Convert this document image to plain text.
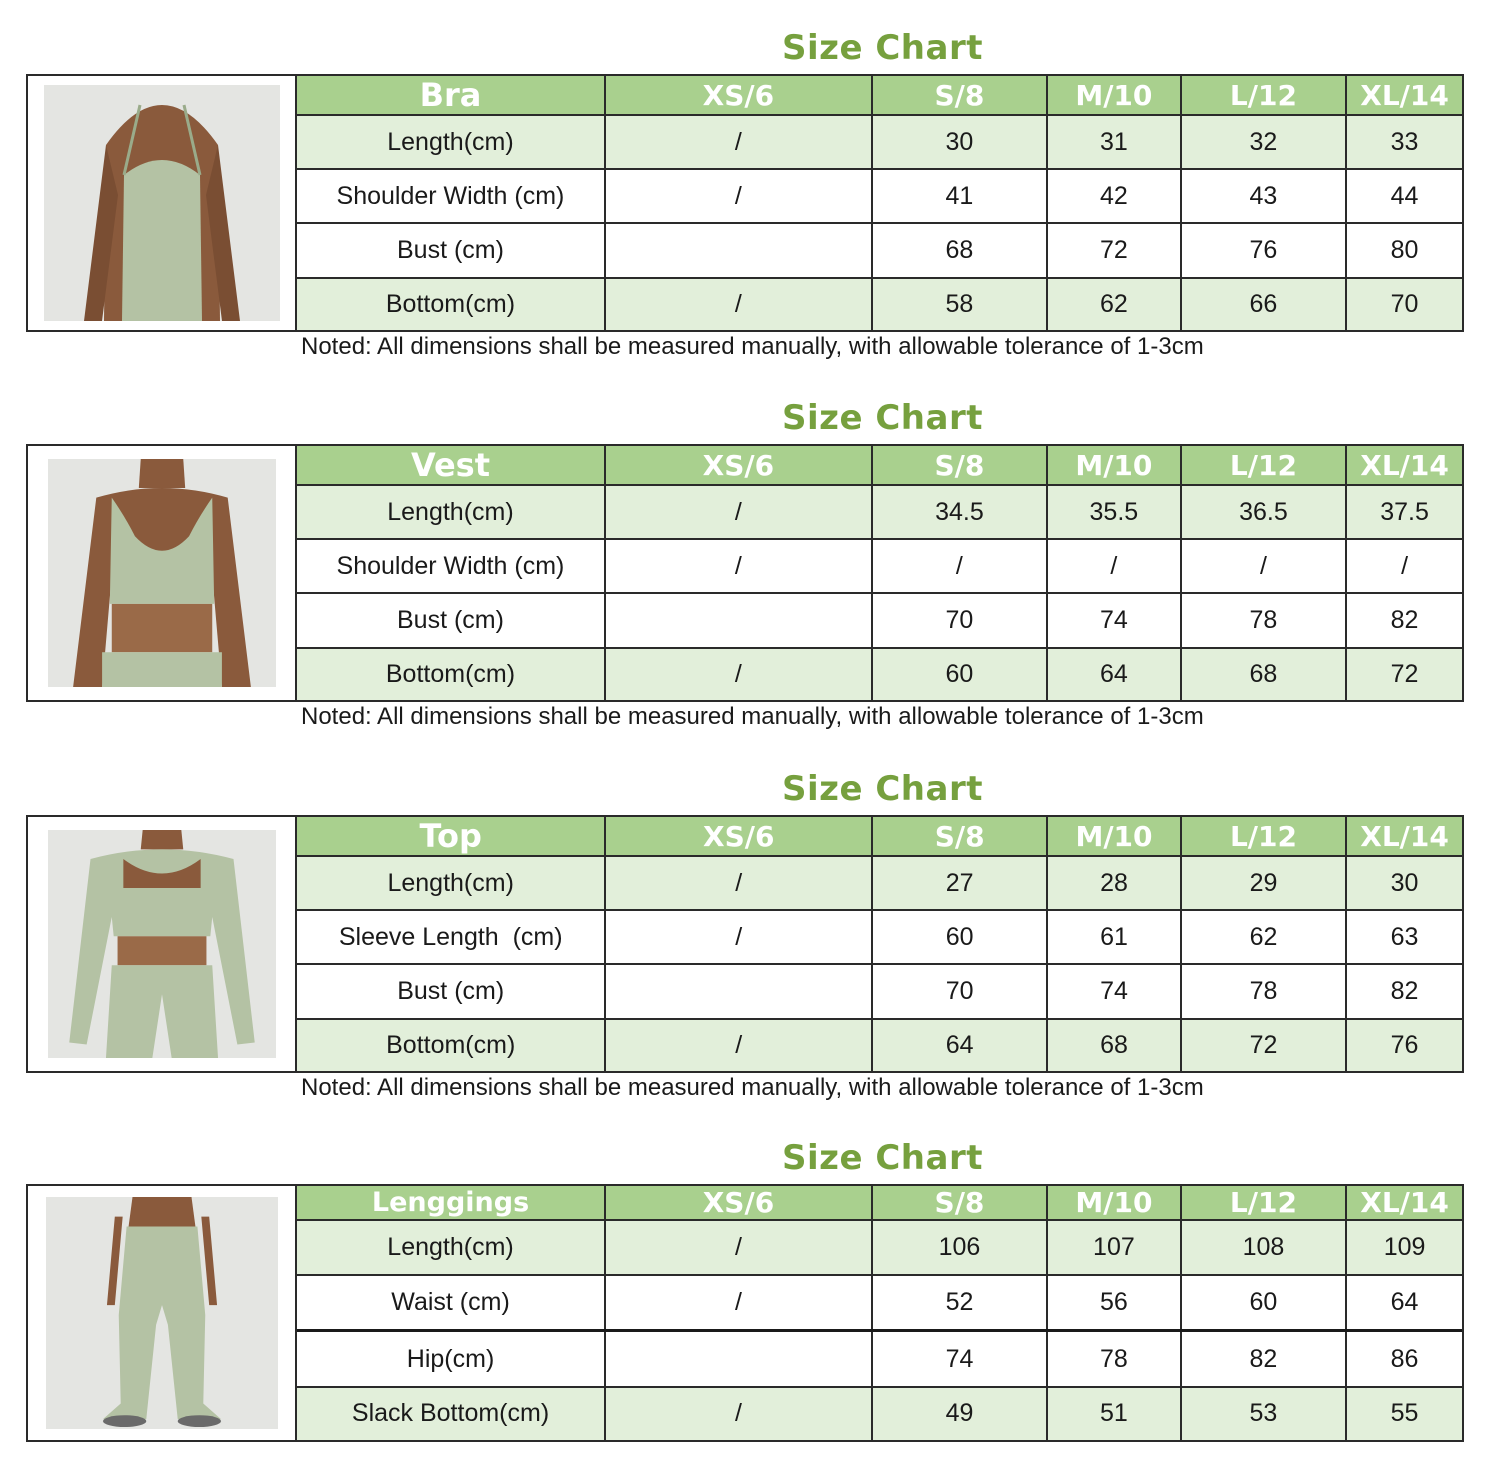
Size Chart
Bra	XS/6	S/8	M/10	L/12	XL/14
Length(cm)	/	30	31	32	33
Shoulder Width (cm)	/	41	42	43	44
Bust (cm)		68	72	76	80
Bottom(cm)	/	58	62	66	70
Noted: All dimensions shall be measured manually, with allowable tolerance of 1-3cm
Size Chart
Vest	XS/6	S/8	M/10	L/12	XL/14
Length(cm)	/	34.5	35.5	36.5	37.5
Shoulder Width (cm)	/	/	/	/	/
Bust (cm)		70	74	78	82
Bottom(cm)	/	60	64	68	72
Noted: All dimensions shall be measured manually, with allowable tolerance of 1-3cm
Size Chart
Top	XS/6	S/8	M/10	L/12	XL/14
Length(cm)	/	27	28	29	30
Sleeve Length  (cm)	/	60	61	62	63
Bust (cm)		70	74	78	82
Bottom(cm)	/	64	68	72	76
Noted: All dimensions shall be measured manually, with allowable tolerance of 1-3cm
Size Chart
Lenggings	XS/6	S/8	M/10	L/12	XL/14
Length(cm)	/	106	107	108	109
Waist (cm)	/	52	56	60	64
Hip(cm)		74	78	82	86
Slack Bottom(cm)	/	49	51	53	55
